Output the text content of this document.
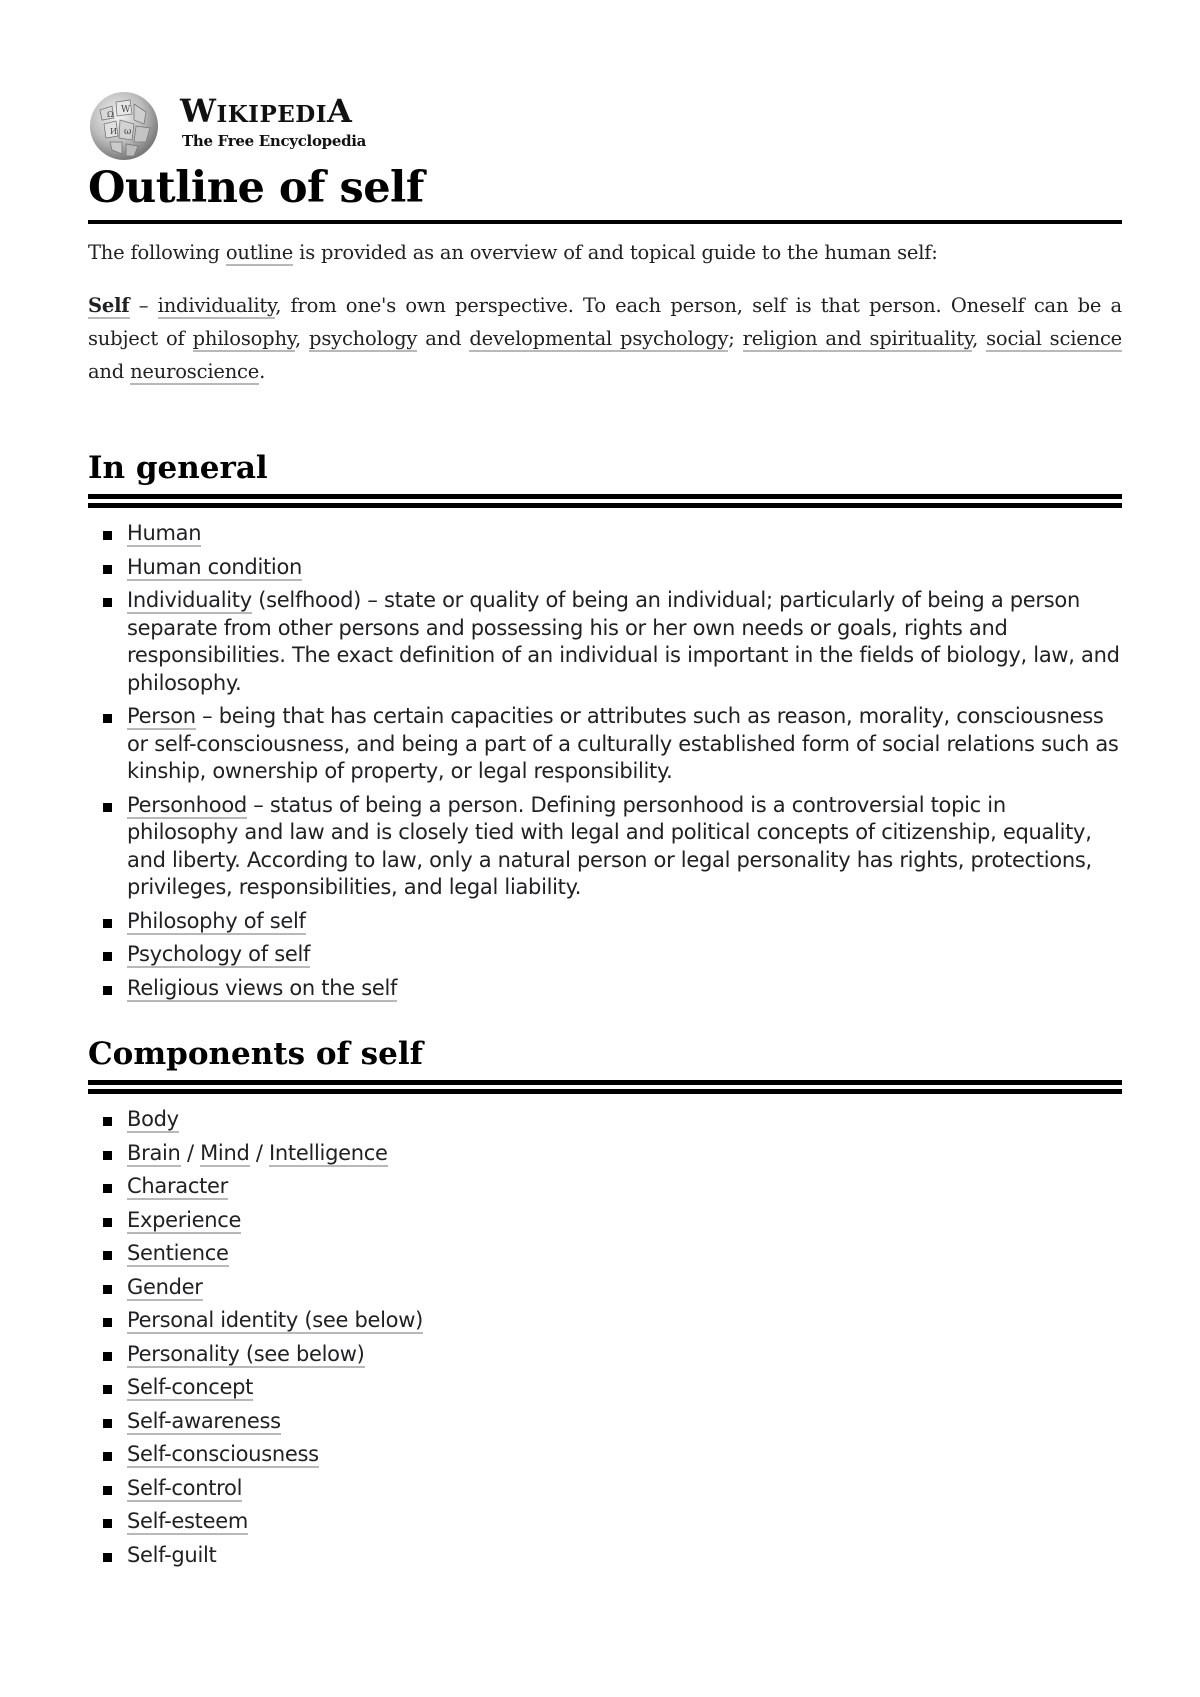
Ω W
И ω
WIKIPEDIA
The Free Encyclopedia
Outline of self

The following outline is provided as an overview of and topical guide to the human self:

Self – individuality, from one's own perspective. To each person, self is that person. Oneself can be a subject of philosophy, psychology and developmental psychology; religion and spirituality, social science and neuroscience.

In general
Human
Human condition
Individuality (selfhood) – state or quality of being an individual; particularly of being a person separate from other persons and possessing his or her own needs or goals, rights and responsibilities. The exact definition of an individual is important in the fields of biology, law, and philosophy.
Person – being that has certain capacities or attributes such as reason, morality, consciousness or self-consciousness, and being a part of a culturally established form of social relations such as kinship, ownership of property, or legal responsibility.
Personhood – status of being a person. Defining personhood is a controversial topic in philosophy and law and is closely tied with legal and political concepts of citizenship, equality, and liberty. According to law, only a natural person or legal personality has rights, protections, privileges, responsibilities, and legal liability.
Philosophy of self
Psychology of self
Religious views on the self
Components of self
Body
Brain / Mind / Intelligence
Character
Experience
Sentience
Gender
Personal identity (see below)
Personality (see below)
Self-concept
Self-awareness
Self-consciousness
Self-control
Self-esteem
Self-guilt
